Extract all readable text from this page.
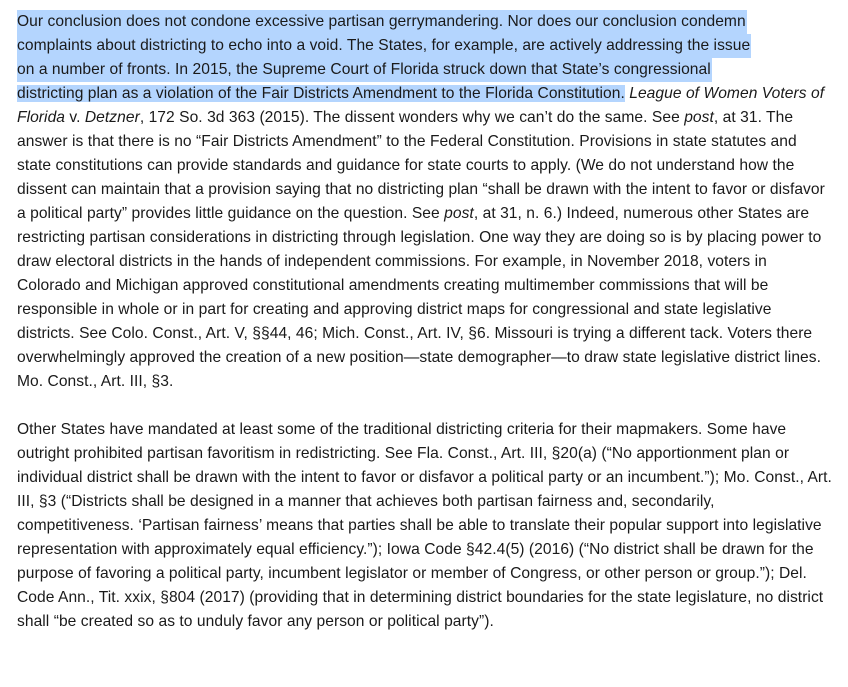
Our conclusion does not condone excessive partisan gerrymandering. Nor does our conclusion condemn
complaints about districting to echo into a void. The States, for example, are actively addressing the issue
on a number of fronts. In 2015, the Supreme Court of Florida struck down that State’s congressional
districting plan as a violation of the Fair Districts Amendment to the Florida Constitution. League of Women Voters of Florida v. Detzner, 172 So. 3d 363 (2015). The dissent wonders why we can’t do the same. See post, at 31. The answer is that there is no “Fair Districts Amendment” to the Federal Constitution. Provisions in state statutes and state constitutions can provide standards and guidance for state courts to apply. (We do not understand how the dissent can maintain that a provision saying that no districting plan “shall be drawn with the intent to favor or disfavor a political party” provides little guidance on the question. See post, at 31, n. 6.) Indeed, numerous other States are restricting partisan considerations in districting through legislation. One way they are doing so is by placing power to draw electoral districts in the hands of independent commissions. For example, in November 2018, voters in Colorado and Michigan approved constitutional amendments creating multimember commissions that will be responsible in whole or in part for creating and approving district maps for congressional and state legislative districts. See Colo. Const., Art. V, §§44, 46; Mich. Const., Art. IV, §6. Missouri is trying a different tack. Voters there overwhelmingly approved the creation of a new position—state demographer—to draw state legislative district lines. Mo. Const., Art. III, §3.

Other States have mandated at least some of the traditional districting criteria for their mapmakers. Some have outright prohibited partisan favoritism in redistricting. See Fla. Const., Art. III, §20(a) (“No apportionment plan or individual district shall be drawn with the intent to favor or disfavor a political party or an incumbent.”); Mo. Const., Art. III, §3 (“Districts shall be designed in a manner that achieves both partisan fairness and, secondarily, competitiveness. ‘Partisan fairness’ means that parties shall be able to translate their popular support into legislative representation with approximately equal efficiency.”); Iowa Code §42.4(5) (2016) (“No district shall be drawn for the purpose of favoring a political party, incumbent legislator or member of Congress, or other person or group.”); Del. Code Ann., Tit. xxix, §804 (2017) (providing that in determining district boundaries for the state legislature, no district shall “be created so as to unduly favor any person or political party”).
